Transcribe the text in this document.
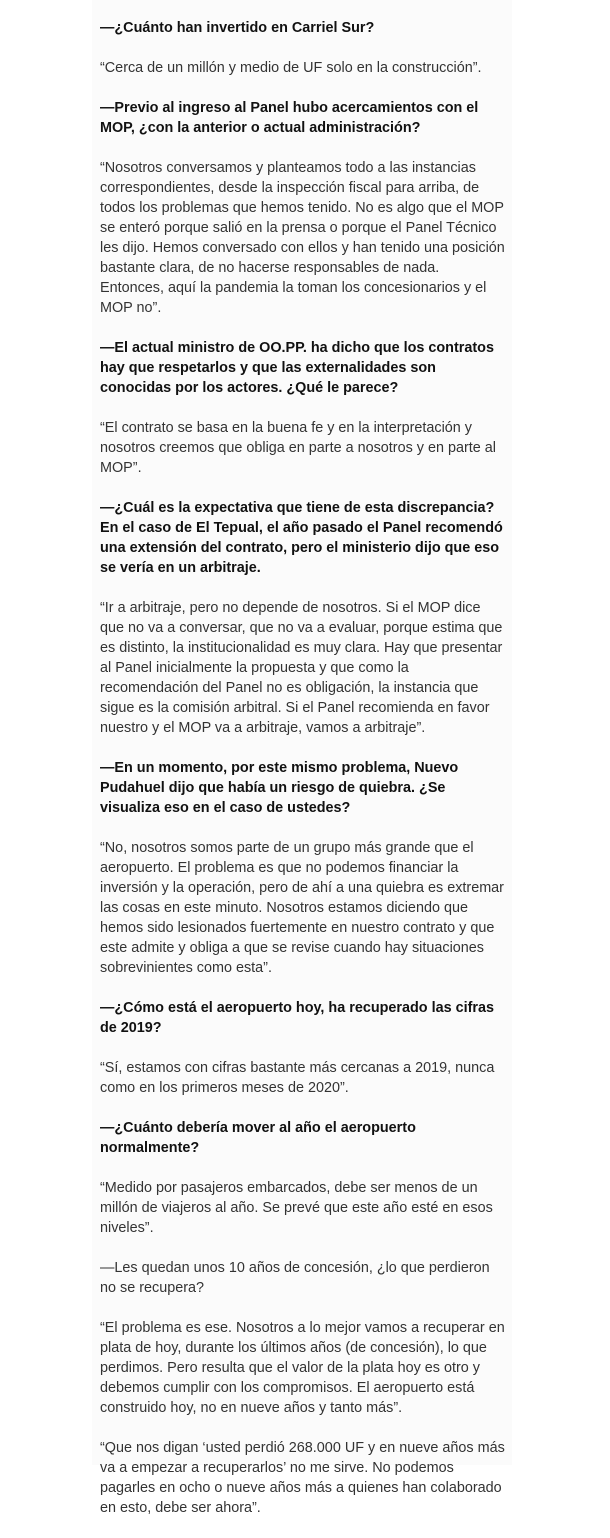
—¿Cuánto han invertido en Carriel Sur?

“Cerca de un millón y medio de UF solo en la construcción”.

—Previo al ingreso al Panel hubo acercamientos con el MOP, ¿con la anterior o actual administración?

“Nosotros conversamos y planteamos todo a las instancias correspondientes, desde la inspección fiscal para arriba, de todos los problemas que hemos tenido. No es algo que el MOP se enteró porque salió en la prensa o porque el Panel Técnico les dijo. Hemos conversado con ellos y han tenido una posición bastante clara, de no hacerse responsables de nada. Entonces, aquí la pandemia la toman los concesionarios y el MOP no”.

—El actual ministro de OO.PP. ha dicho que los contratos hay que respetarlos y que las externalidades son conocidas por los actores. ¿Qué le parece?

“El contrato se basa en la buena fe y en la interpretación y nosotros creemos que obliga en parte a nosotros y en parte al MOP”.

—¿Cuál es la expectativa que tiene de esta discrepancia? En el caso de El Tepual, el año pasado el Panel recomendó una extensión del contrato, pero el ministerio dijo que eso se vería en un arbitraje.

“Ir a arbitraje, pero no depende de nosotros. Si el MOP dice que no va a conversar, que no va a evaluar, porque estima que es distinto, la institucionalidad es muy clara. Hay que presentar al Panel inicialmente la propuesta y que como la recomendación del Panel no es obligación, la instancia que sigue es la comisión arbitral. Si el Panel recomienda en favor nuestro y el MOP va a arbitraje, vamos a arbitraje”.

—En un momento, por este mismo problema, Nuevo Pudahuel dijo que había un riesgo de quiebra. ¿Se visualiza eso en el caso de ustedes?

“No, nosotros somos parte de un grupo más grande que el aeropuerto. El problema es que no podemos financiar la inversión y la operación, pero de ahí a una quiebra es extremar las cosas en este minuto. Nosotros estamos diciendo que hemos sido lesionados fuertemente en nuestro contrato y que este admite y obliga a que se revise cuando hay situaciones sobrevinientes como esta”.

—¿Cómo está el aeropuerto hoy, ha recuperado las cifras de 2019?

“Sí, estamos con cifras bastante más cercanas a 2019, nunca como en los primeros meses de 2020”.

—¿Cuánto debería mover al año el aeropuerto normalmente?

“Medido por pasajeros embarcados, debe ser menos de un millón de viajeros al año. Se prevé que este año esté en esos niveles”.

—Les quedan unos 10 años de concesión, ¿lo que perdieron no se recupera?

“El problema es ese. Nosotros a lo mejor vamos a recuperar en plata de hoy, durante los últimos años (de concesión), lo que perdimos. Pero resulta que el valor de la plata hoy es otro y debemos cumplir con los compromisos. El aeropuerto está construido hoy, no en nueve años y tanto más”.

“Que nos digan ‘usted perdió 268.000 UF y en nueve años más va a empezar a recuperarlos’ no me sirve. No podemos pagarles en ocho o nueve años más a quienes han colaborado en esto, debe ser ahora”.
